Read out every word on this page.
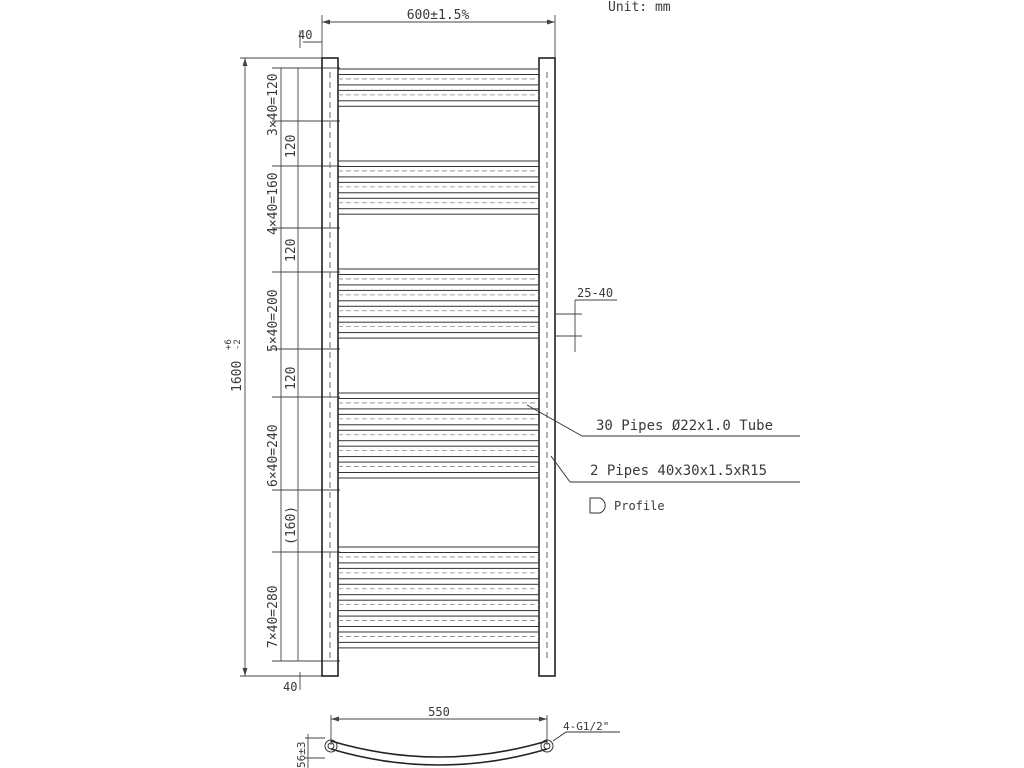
Unit: mm
600±1.5%
40
1600
+6 -2
3×40=120
120
4×40=160
120
5×40=200
120
6×40=240
(160)
7×40=280
40
25-40
30 Pipes Ø22x1.0 Tube
2 Pipes 40x30x1.5xR15
Profile
550
4-G1/2"
56±3
